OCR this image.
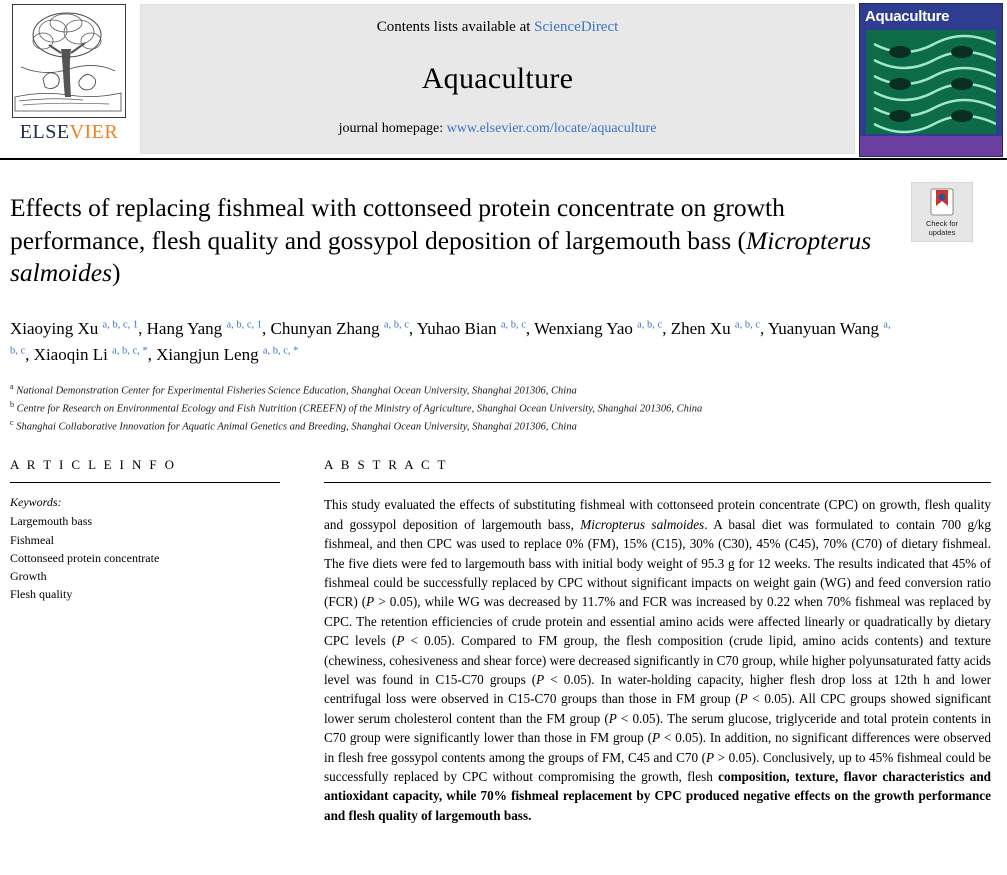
ELSEVIER
Contents lists available at ScienceDirect
Aquaculture
journal homepage: www.elsevier.com/locate/aquaculture
Aquaculture
Effects of replacing fishmeal with cottonseed protein concentrate on growth performance, flesh quality and gossypol deposition of largemouth bass (Micropterus salmoides)
Xiaoying Xu $^{a, b, c, 1}$, Hang Yang $^{a, b, c, 1}$, Chunyan Zhang $^{a, b, c}$, Yuhao Bian $^{a, b, c}$, Wenxiang Yao $^{a, b, c}$, Zhen Xu $^{a, b, c}$, Yuanyuan Wang $^{a, b, c}$, Xiaoqin Li $^{a, b, c, *}$, Xiangjun Leng $^{a, b, c, *}$
$^a$ National Demonstration Center for Experimental Fisheries Science Education, Shanghai Ocean University, Shanghai 201306, China
$^b$ Centre for Research on Environmental Ecology and Fish Nutrition (CREEFN) of the Ministry of Agriculture, Shanghai Ocean University, Shanghai 201306, China
$^c$ Shanghai Collaborative Innovation for Aquatic Animal Genetics and Breeding, Shanghai Ocean University, Shanghai 201306, China
Check for
updates
A R T I C L E I N F O
Keywords:
Largemouth bass
Fishmeal
Cottonseed protein concentrate
Growth
Flesh quality
A B S T R A C T
This study evaluated the effects of substituting fishmeal with cottonseed protein concentrate (CPC) on growth, flesh quality and gossypol deposition of largemouth bass, Micropterus salmoides. A basal diet was formulated to contain 700 g/kg fishmeal, and then CPC was used to replace 0% (FM), 15% (C15), 30% (C30), 45% (C45), 70% (C70) of dietary fishmeal. The five diets were fed to largemouth bass with initial body weight of 95.3 g for 12 weeks. The results indicated that 45% of fishmeal could be successfully replaced by CPC without significant impacts on weight gain (WG) and feed conversion ratio (FCR) (P > 0.05), while WG was decreased by 11.7% and FCR was increased by 0.22 when 70% fishmeal was replaced by CPC. The retention efficiencies of crude protein and essential amino acids were affected linearly or quadratically by dietary CPC levels (P < 0.05). Compared to FM group, the flesh composition (crude lipid, amino acids contents) and texture (chewiness, cohesiveness and shear force) were decreased significantly in C70 group, while higher polyunsaturated fatty acids level was found in C15-C70 groups (P < 0.05). In water-holding capacity, higher flesh drop loss at 12th h and lower centrifugal loss were observed in C15-C70 groups than those in FM group (P < 0.05). All CPC groups showed significant lower serum cholesterol content than the FM group (P < 0.05). The serum glucose, triglyceride and total protein contents in C70 group were significantly lower than those in FM group (P < 0.05). In addition, no significant differences were observed in flesh free gossypol contents among the groups of FM, C45 and C70 (P > 0.05). Conclusively, up to 45% fishmeal could be successfully replaced by CPC without compromising the growth, flesh composition, texture, flavor characteristics and antioxidant capacity, while 70% fishmeal replacement by CPC produced negative effects on the growth performance and flesh quality of largemouth bass.
